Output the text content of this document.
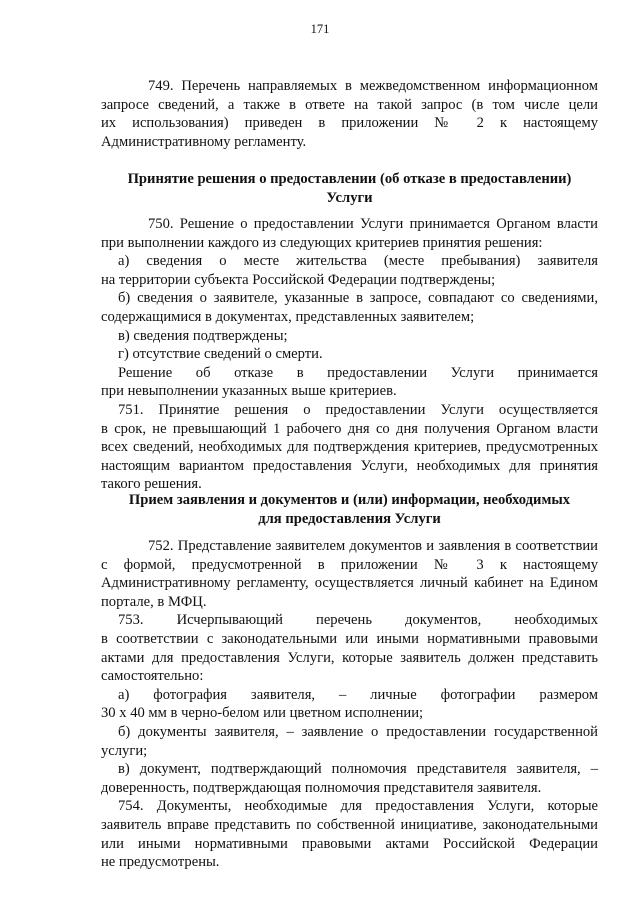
171

749. Перечень направляемых в межведомственном информационном

запросе сведений, а также в ответе на такой запрос (в том числе цели

их использования) приведен в приложении № 2 к настоящему

Административному регламенту.

Принятие решения о предоставлении (об отказе в предоставлении)
Услуги

750. Решение о предоставлении Услуги принимается Органом власти

при выполнении каждого из следующих критериев принятия решения:

а) сведения о месте жительства (месте пребывания) заявителя

на территории субъекта Российской Федерации подтверждены;

б) сведения о заявителе, указанные в запросе, совпадают со сведениями,

содержащимися в документах, представленных заявителем;

в) сведения подтверждены;

г) отсутствие сведений о смерти.

Решение об отказе в предоставлении Услуги принимается

при невыполнении указанных выше критериев.

751. Принятие решения о предоставлении Услуги осуществляется

в срок, не превышающий 1 рабочего дня со дня получения Органом власти

всех сведений, необходимых для подтверждения критериев, предусмотренных

настоящим вариантом предоставления Услуги, необходимых для принятия

такого решения.

Прием заявления и документов и (или) информации, необходимых
для предоставления Услуги

752. Представление заявителем документов и заявления в соответствии

с формой, предусмотренной в приложении № 3 к настоящему

Административному регламенту, осуществляется личный кабинет на Едином

портале, в МФЦ.

753. Исчерпывающий перечень документов, необходимых

в соответствии с законодательными или иными нормативными правовыми

актами для предоставления Услуги, которые заявитель должен представить

самостоятельно:

а) фотография заявителя, – личные фотографии размером

30 x 40 мм в черно-белом или цветном исполнении;

б) документы заявителя, – заявление о предоставлении государственной

услуги;

в) документ, подтверждающий полномочия представителя заявителя, –

доверенность, подтверждающая полномочия представителя заявителя.

754. Документы, необходимые для предоставления Услуги, которые

заявитель вправе представить по собственной инициативе, законодательными

или иными нормативными правовыми актами Российской Федерации

не предусмотрены.
